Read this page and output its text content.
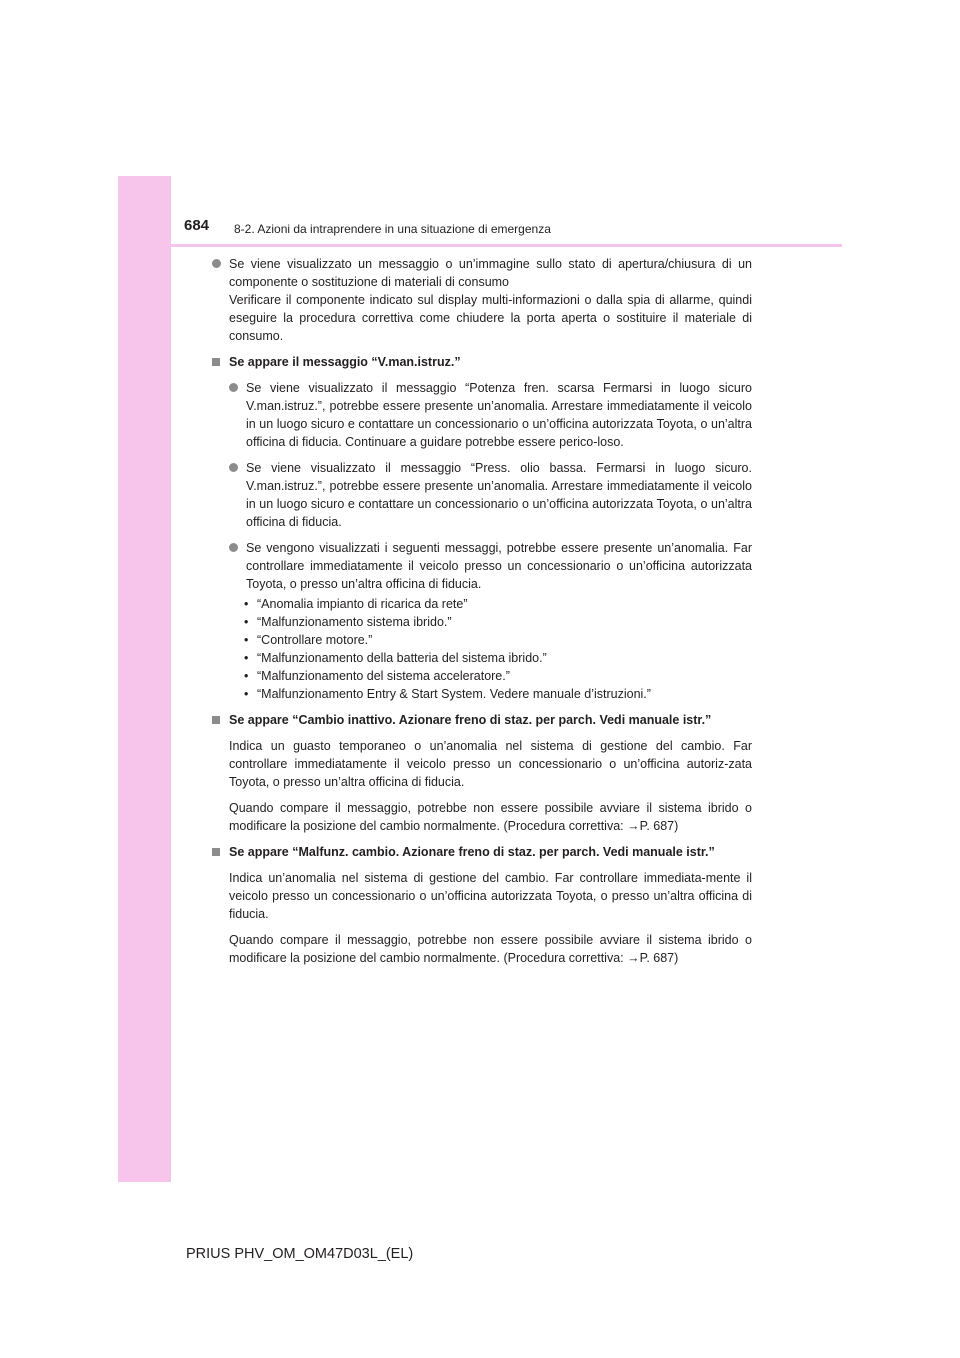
684 8-2. Azioni da intraprendere in una situazione di emergenza

Se viene visualizzato un messaggio o un’immagine sullo stato di apertura/chiusura di un componente o sostituzione di materiali di consumo

Verificare il componente indicato sul display multi-informazioni o dalla spia di allarme, quindi eseguire la procedura correttiva come chiudere la porta aperta o sostituire il materiale di consumo.

Se appare il messaggio “V.man.istruz.”

Se viene visualizzato il messaggio “Potenza fren. scarsa Fermarsi in luogo sicuro V.man.istruz.”, potrebbe essere presente un’anomalia. Arrestare immediatamente il veicolo in un luogo sicuro e contattare un concessionario o un’officina autorizzata Toyota, o un’altra officina di fiducia. Continuare a guidare potrebbe essere perico-loso.

Se viene visualizzato il messaggio “Press. olio bassa. Fermarsi in luogo sicuro. V.man.istruz.”, potrebbe essere presente un’anomalia. Arrestare immediatamente il veicolo in un luogo sicuro e contattare un concessionario o un’officina autorizzata Toyota, o un’altra officina di fiducia.

Se vengono visualizzati i seguenti messaggi, potrebbe essere presente un’anomalia. Far controllare immediatamente il veicolo presso un concessionario o un’officina autorizzata Toyota, o presso un’altra officina di fiducia.

• “Anomalia impianto di ricarica da rete”
• “Malfunzionamento sistema ibrido.”
• “Controllare motore.”
• “Malfunzionamento della batteria del sistema ibrido.”
• “Malfunzionamento del sistema acceleratore.”
• “Malfunzionamento Entry & Start System. Vedere manuale d’istruzioni.”
Se appare “Cambio inattivo. Azionare freno di staz. per parch. Vedi manuale istr.”

Indica un guasto temporaneo o un’anomalia nel sistema di gestione del cambio. Far controllare immediatamente il veicolo presso un concessionario o un’officina autoriz-zata Toyota, o presso un’altra officina di fiducia.

Quando compare il messaggio, potrebbe non essere possibile avviare il sistema ibrido o modificare la posizione del cambio normalmente. (Procedura correttiva: →P. 687)

Se appare “Malfunz. cambio. Azionare freno di staz. per parch. Vedi manuale istr.”

Indica un’anomalia nel sistema di gestione del cambio. Far controllare immediata-mente il veicolo presso un concessionario o un’officina autorizzata Toyota, o presso un’altra officina di fiducia.

Quando compare il messaggio, potrebbe non essere possibile avviare il sistema ibrido o modificare la posizione del cambio normalmente. (Procedura correttiva: →P. 687)

PRIUS PHV_OM_OM47D03L_(EL)
